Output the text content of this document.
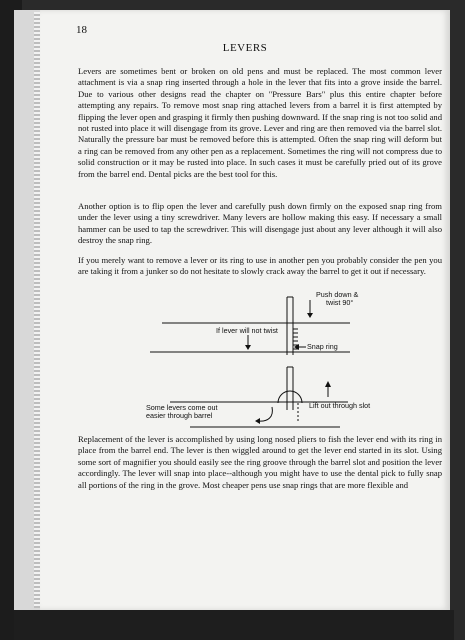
18
LEVERS

Levers are sometimes bent or broken on old pens and must be replaced. The most common lever attachment is via a snap ring inserted through a hole in the lever that fits into a grove inside the barrel. Due to various other designs read the chapter on "Pressure Bars" plus this entire chapter before attempting any repairs. To remove most snap ring attached levers from a barrel it is first attempted by flipping the lever open and grasping it firmly then pushing downward. If the snap ring is not too solid and not rusted into place it will disengage from its grove. Lever and ring are then removed via the barrel slot. Naturally the pressure bar must be removed before this is attempted. Often the snap ring will deform but a ring can be removed from any other pen as a replacement. Sometimes the ring will not compress due to solid construction or it may be rusted into place. In such cases it must be carefully pried out of its grove from the barrel end. Dental picks are the best tool for this.

Another option is to flip open the lever and carefully push down firmly on the exposed snap ring from under the lever using a tiny screwdriver. Many levers are hollow making this easy. If necessary a small hammer can be used to tap the screwdriver. This will disengage just about any lever although it will also destroy the snap ring.

If you merely want to remove a lever or its ring to use in another pen you probably consider the pen you are taking it from a junker so do not hesitate to slowly crack away the barrel to get it out if necessary.

Push down &
twist 90°
If lever will not twist
Snap ring
Some levers come out
easier through barrel
Lift out through slot

Replacement of the lever is accomplished by using long nosed pliers to fish the lever end with its ring in place from the barrel end. The lever is then wiggled around to get the lever end started in its slot. Using some sort of magnifier you should easily see the ring groove through the barrel slot and position the lever accordingly. The lever will snap into place--although you might have to use the dental pick to fully snap all portions of the ring in the grove. Most cheaper pens use snap rings that are more flexible and
